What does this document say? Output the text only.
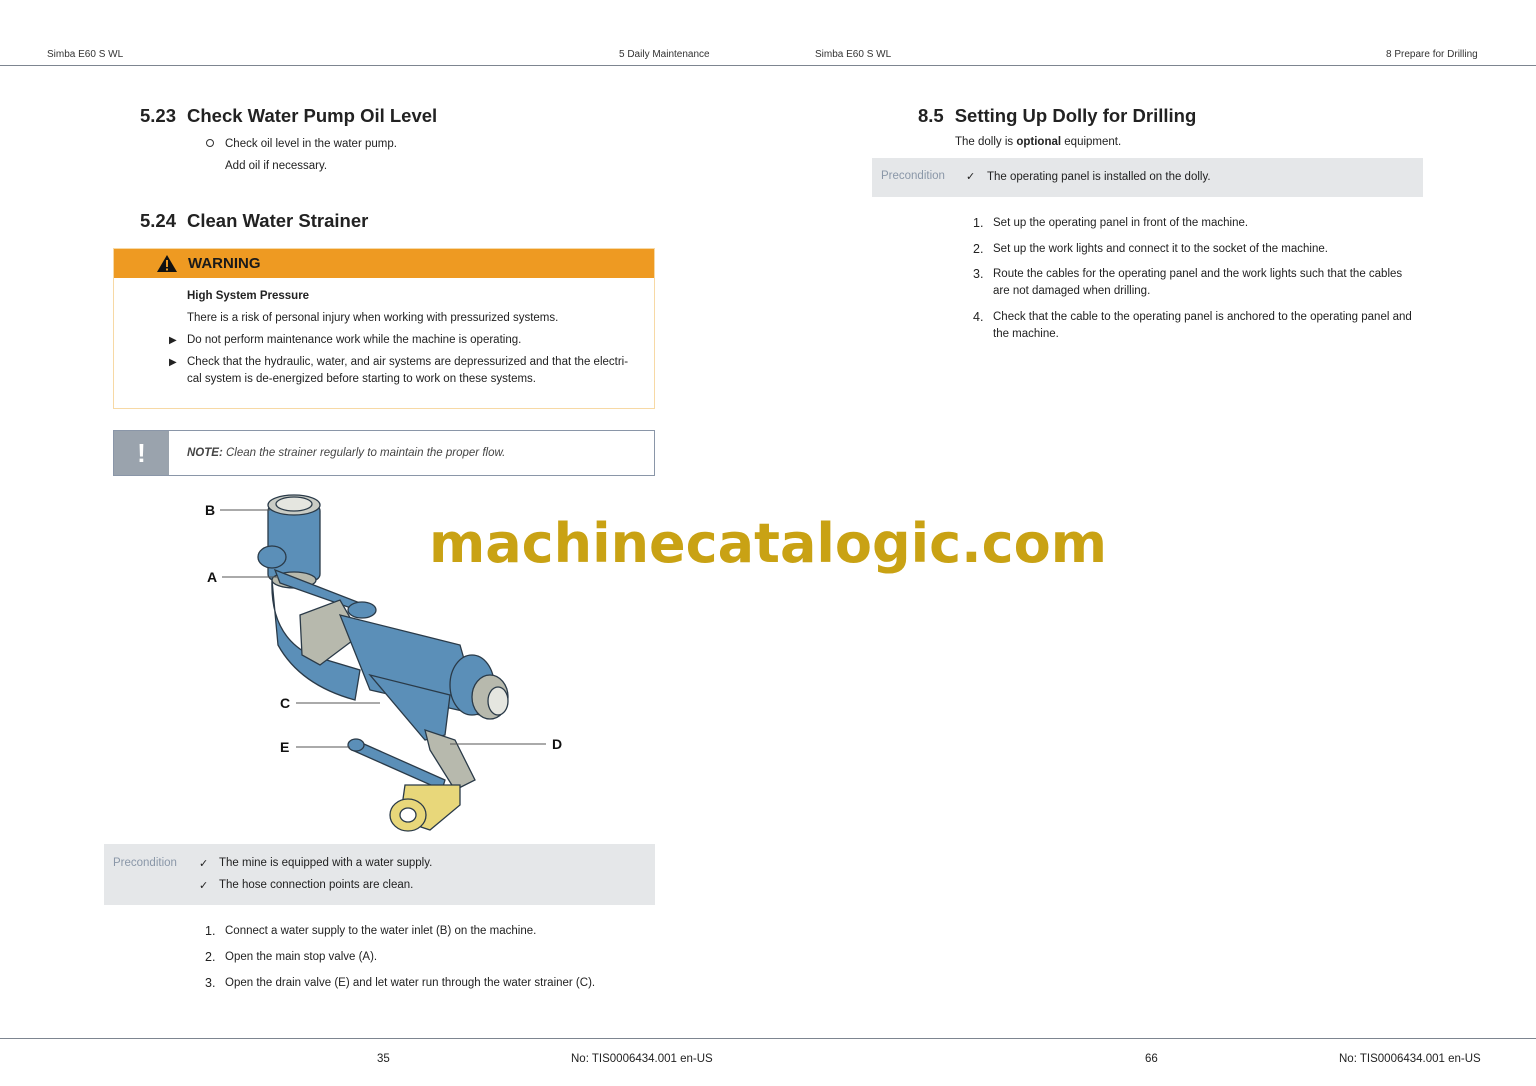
Simba E60 S WL	5 Daily Maintenance	Simba E60 S WL	8 Prepare for Drilling
5.23 Check Water Pump Oil Level
Check oil level in the water pump.
Add oil if necessary.
5.24 Clean Water Strainer
WARNING
High System Pressure
There is a risk of personal injury when working with pressurized systems.
▶ Do not perform maintenance work while the machine is operating.
▶ Check that the hydraulic, water, and air systems are depressurized and that the electri-
cal system is de-energized before starting to work on these systems.
!	NOTE:
Clean the strainer regularly to maintain the proper flow.
B
A
C
E	D
Precondition ✓ The mine is equipped with a water supply.
✓ The hose connection points are clean.
1. Connect a water supply to the water inlet (B) on the machine.
2. Open the main stop valve (A).
3. Open the drain valve (E) and let water run through the water strainer (C).
8.5 Setting Up Dolly for Drilling
The dolly is optional equipment.
Precondition ✓ The operating panel is installed on the dolly.
1. Set up the operating panel in front of the machine.
2. Set up the work lights and connect it to the socket of the machine.
3. Route the cables for the operating panel and the work lights such that the cables
are not damaged when drilling.
4. Check that the cable to the operating panel is anchored to the operating panel and
the machine.
machinecatalogic.com
35	No: TIS0006434.001 en-US	66	No: TIS0006434.001 en-US
